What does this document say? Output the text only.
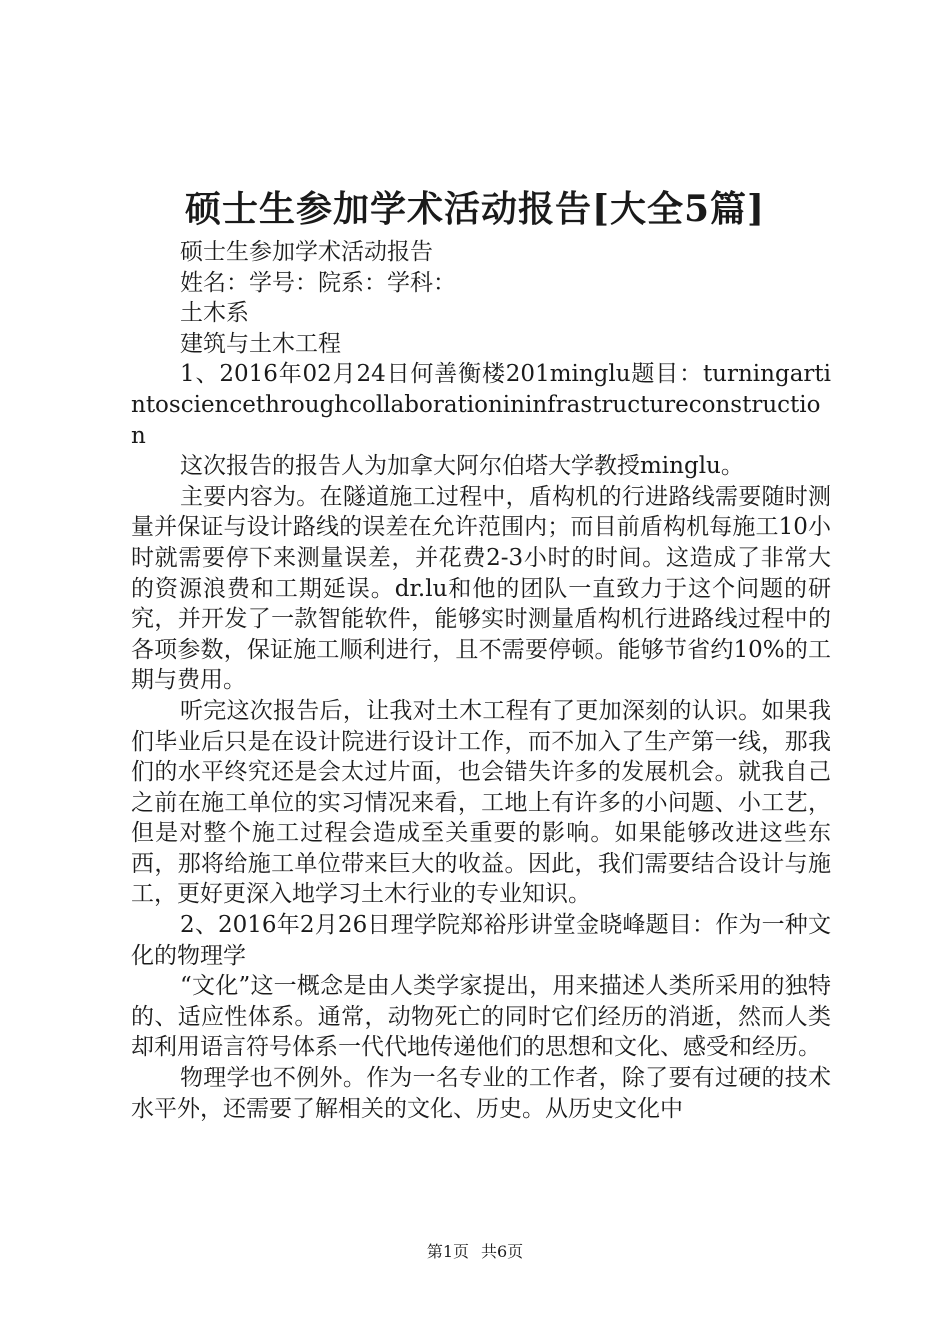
硕士生参加学术活动报告[大全5篇]

硕士生参加学术活动报告

姓名：学号：院系：学科：

土木系

建筑与土木工程

1、2016年02月24日何善衡楼201minglu题目：turningartintosciencethroughcollaborationininfrastructureconstruction

这次报告的报告人为加拿大阿尔伯塔大学教授minglu。

主要内容为。在隧道施工过程中，盾构机的行进路线需要随时测量并保证与设计路线的误差在允许范围内；而目前盾构机每施工10小时就需要停下来测量误差，并花费2-3小时的时间。这造成了非常大的资源浪费和工期延误。dr.lu和他的团队一直致力于这个问题的研究，并开发了一款智能软件，能够实时测量盾构机行进路线过程中的各项参数，保证施工顺利进行，且不需要停顿。能够节省约10%的工期与费用。

听完这次报告后，让我对土木工程有了更加深刻的认识。如果我们毕业后只是在设计院进行设计工作，而不加入了生产第一线，那我们的水平终究还是会太过片面，也会错失许多的发展机会。就我自己之前在施工单位的实习情况来看，工地上有许多的小问题、小工艺，但是对整个施工过程会造成至关重要的影响。如果能够改进这些东西，那将给施工单位带来巨大的收益。因此，我们需要结合设计与施工，更好更深入地学习土木行业的专业知识。

2、2016年2月26日理学院郑裕彤讲堂金晓峰题目：作为一种文化的物理学

“文化”这一概念是由人类学家提出，用来描述人类所采用的独特的、适应性体系。通常，动物死亡的同时它们经历的消逝，然而人类却利用语言符号体系一代代地传递他们的思想和文化、感受和经历。

物理学也不例外。作为一名专业的工作者，除了要有过硬的技术水平外，还需要了解相关的文化、历史。从历史文化中

第1页 共6页
